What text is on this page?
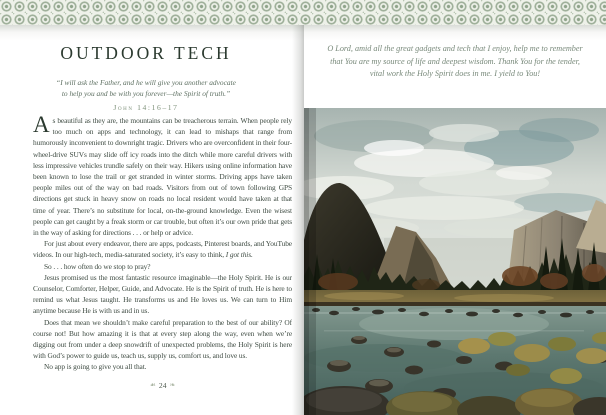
OUTDOOR TECH
“I will ask the Father, and he will give you another advocate
to help you and be with you forever—the Spirit of truth.”
John 14:16–17

As beautiful as they are, the mountains can be treacherous terrain. When people rely too much on apps and technology, it can lead to mishaps that range from humorously inconvenient to downright tragic. Drivers who are overconfident in their four-wheel-drive SUVs may slide off icy roads into the ditch while more careful drivers with less impressive vehicles trundle safely on their way. Hikers using online information have been known to lose the trail or get stranded in winter storms. Driving apps have taken people miles out of the way on bad roads. Visitors from out of town following GPS directions get stuck in heavy snow on roads no local resident would have taken at that time of year. There’s no substitute for local, on-the-ground knowledge. Even the wisest people can get caught by a freak storm or car trouble, but often it’s our own pride that gets in the way of asking for directions . . . or help or advice.

For just about every endeavor, there are apps, podcasts, Pinterest boards, and YouTube videos. In our high-tech, media-saturated society, it’s easy to think, I got this.

So . . . how often do we stop to pray?

Jesus promised us the most fantastic resource imaginable—the Holy Spirit. He is our Counselor, Comforter, Helper, Guide, and Advocate. He is the Spirit of truth. He is here to remind us what Jesus taught. He transforms us and He loves us. We can turn to Him anytime because He is with us and in us.

Does that mean we shouldn’t make careful preparation to the best of our ability? Of course not! But how amazing it is that at every step along the way, even when we’re digging out from under a deep snowdrift of unexpected problems, the Holy Spirit is here with God’s power to guide us, teach us, supply us, comfort us, and love us.

No app is going to give you all that.

☙ 24 ❧
O Lord, amid all the great gadgets and tech that I enjoy, help me to remember that You are my source of life and deepest wisdom. Thank You for the tender, vital work the Holy Spirit does in me. I yield to You!
